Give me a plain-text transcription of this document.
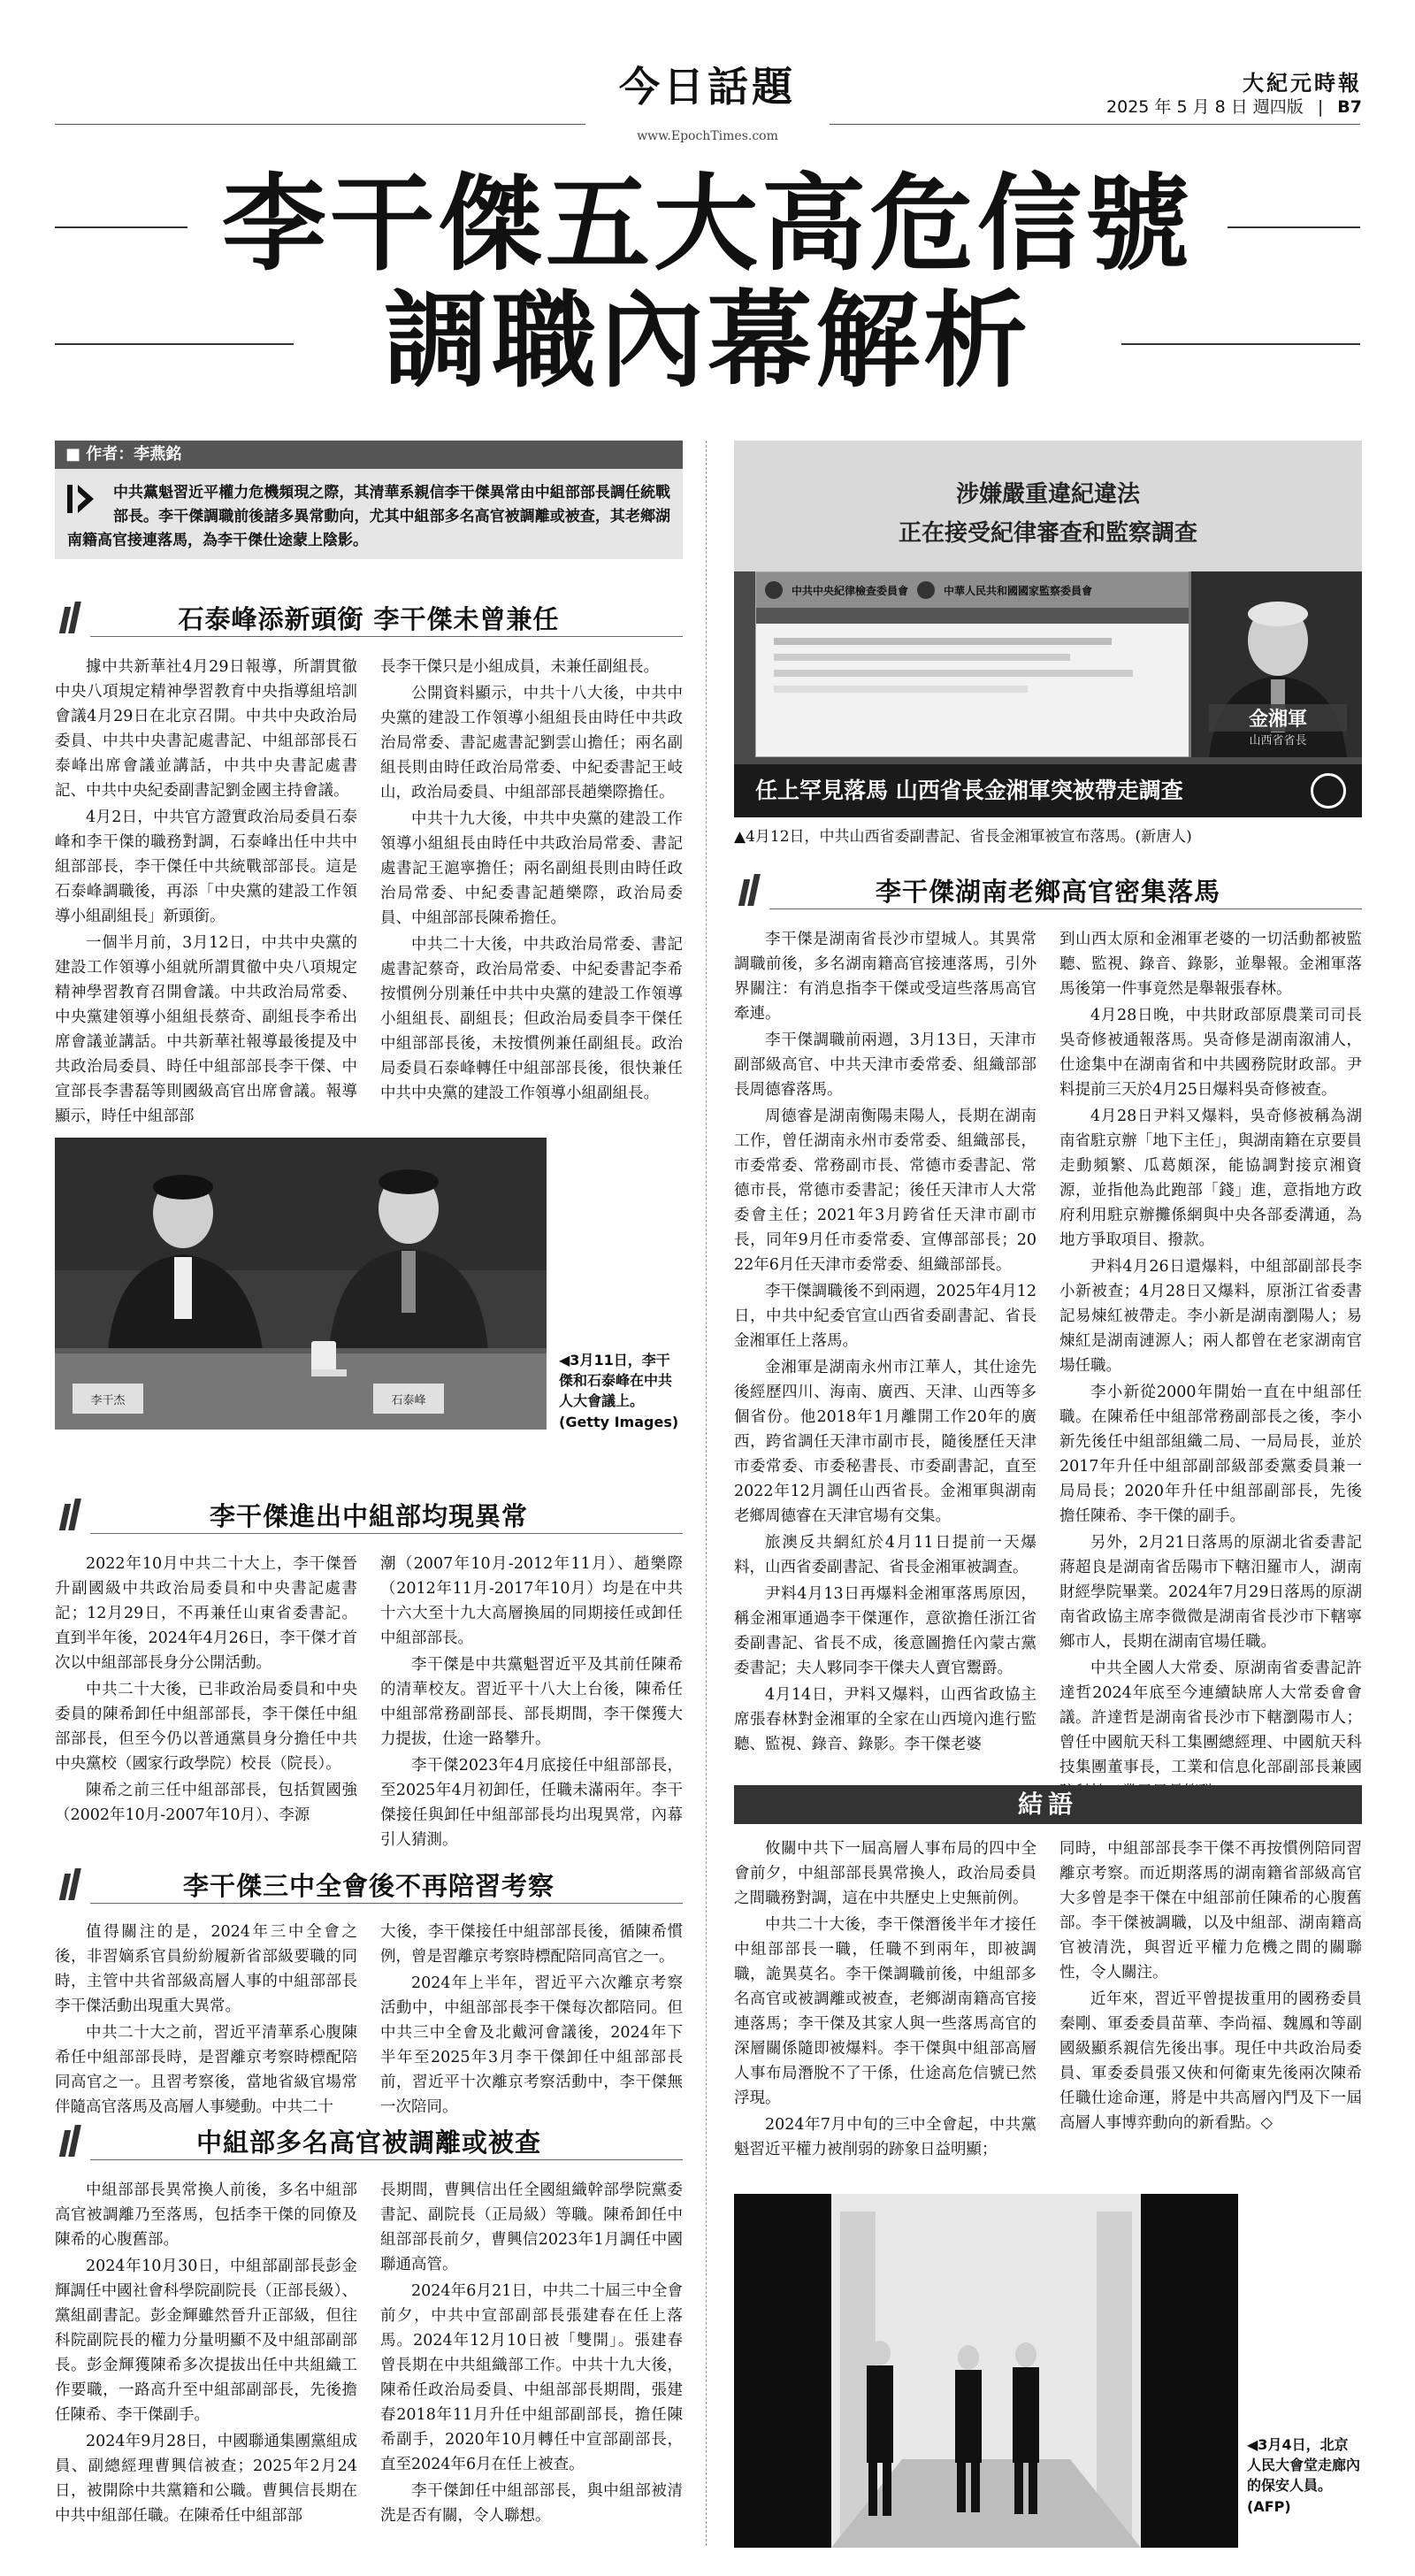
今日話題
www.EpochTimes.com
大紀元時報
2025 年 5 月 8 日 週四版 | B7
李干傑五大高危信號
調職內幕解析
■ 作者：李燕銘
中共黨魁習近平權力危機頻現之際，其清華系親信李干傑異常由中組部部長調任統戰部長。李干傑調職前後諸多異常動向，尤其中組部多名高官被調離或被查，其老鄉湖南籍高官接連落馬，為李干傑仕途蒙上陰影。
石泰峰添新頭銜 李干傑未曾兼任

據中共新華社4月29日報導，所謂貫徹中央八項規定精神學習教育中央指導組培訓會議4月29日在北京召開。中共中央政治局委員、中共中央書記處書記、中組部部長石泰峰出席會議並講話，中共中央書記處書記、中共中央紀委副書記劉金國主持會議。

4月2日，中共官方證實政治局委員石泰峰和李干傑的職務對調，石泰峰出任中共中組部部長，李干傑任中共統戰部部長。這是石泰峰調職後，再添「中央黨的建設工作領導小組副組長」新頭銜。

一個半月前，3月12日，中共中央黨的建設工作領導小組就所謂貫徹中央八項規定精神學習教育召開會議。中共政治局常委、中央黨建領導小組組長蔡奇、副組長李希出席會議並講話。中共新華社報導最後提及中共政治局委員、時任中組部部長李干傑、中宣部長李書磊等則國級高官出席會議。報導顯示，時任中組部部

長李干傑只是小組成員，未兼任副組長。

公開資料顯示，中共十八大後，中共中央黨的建設工作領導小組組長由時任中共政治局常委、書記處書記劉雲山擔任；兩名副組長則由時任政治局常委、中紀委書記王岐山，政治局委員、中組部部長趙樂際擔任。

中共十九大後，中共中央黨的建設工作領導小組組長由時任中共政治局常委、書記處書記王滬寧擔任；兩名副組長則由時任政治局常委、中紀委書記趙樂際，政治局委員、中組部部長陳希擔任。

中共二十大後，中共政治局常委、書記處書記蔡奇，政治局常委、中紀委書記李希按慣例分別兼任中共中央黨的建設工作領導小組組長、副組長；但政治局委員李干傑任中組部部長後，未按慣例兼任副組長。政治局委員石泰峰轉任中組部部長後，很快兼任中共中央黨的建設工作領導小組副組長。

李干杰	石泰峰
◀3月11日，李干傑和石泰峰在中共人大會議上。(Getty Images)
李干傑進出中組部均現異常

2022年10月中共二十大上，李干傑晉升副國級中共政治局委員和中央書記處書記；12月29日，不再兼任山東省委書記。直到半年後，2024年4月26日，李干傑才首次以中組部部長身分公開活動。

中共二十大後，已非政治局委員和中央委員的陳希卸任中組部部長，李干傑任中組部部長，但至今仍以普通黨員身分擔任中共中央黨校（國家行政學院）校長（院長）。

陳希之前三任中組部部長，包括賀國強（2002年10月-2007年10月）、李源

潮（2007年10月-2012年11月）、趙樂際（2012年11月-2017年10月）均是在中共十六大至十九大高層換屆的同期接任或卸任中組部部長。

李干傑是中共黨魁習近平及其前任陳希的清華校友。習近平十八大上台後，陳希任中組部常務副部長、部長期間，李干傑獲大力提拔，仕途一路攀升。

李干傑2023年4月底接任中組部部長，至2025年4月初卸任，任職未滿兩年。李干傑接任與卸任中組部部長均出現異常，內幕引人猜測。

李干傑三中全會後不再陪習考察

值得關注的是，2024年三中全會之後，非習嫡系官員紛紛履新省部級要職的同時，主管中共省部級高層人事的中組部部長李干傑活動出現重大異常。

中共二十大之前，習近平清華系心腹陳希任中組部部長時，是習離京考察時標配陪同高官之一。且習考察後，當地省級官場常伴隨高官落馬及高層人事變動。中共二十

大後，李干傑接任中組部部長後，循陳希慣例，曾是習離京考察時標配陪同高官之一。

2024年上半年，習近平六次離京考察活動中，中組部部長李干傑每次都陪同。但中共三中全會及北戴河會議後，2024年下半年至2025年3月李干傑卸任中組部部長前，習近平十次離京考察活動中，李干傑無一次陪同。

中組部多名高官被調離或被查

中組部部長異常換人前後，多名中組部高官被調離乃至落馬，包括李干傑的同僚及陳希的心腹舊部。

2024年10月30日，中組部副部長彭金輝調任中國社會科學院副院長（正部長級）、黨組副書記。彭金輝雖然晉升正部級，但往科院副院長的權力分量明顯不及中組部副部長。彭金輝獲陳希多次提拔出任中共組織工作要職，一路高升至中組部副部長，先後擔任陳希、李干傑副手。

2024年9月28日，中國聯通集團黨組成員、副總經理曹興信被查；2025年2月24日，被開除中共黨籍和公職。曹興信長期在中共中組部任職。在陳希任中組部部

長期間，曹興信出任全國組織幹部學院黨委書記、副院長（正局級）等職。陳希卸任中組部部長前夕，曹興信2023年1月調任中國聯通高管。

2024年6月21日，中共二十屆三中全會前夕，中共中宣部副部長張建春在任上落馬。2024年12月10日被「雙開」。張建春曾長期在中共組織部工作。中共十九大後，陳希任政治局委員、中組部部長期間，張建春2018年11月升任中組部副部長，擔任陳希副手，2020年10月轉任中宣部副部長，直至2024年6月在任上被查。

李干傑卸任中組部部長，與中組部被清洗是否有關，令人聯想。

涉嫌嚴重違紀違法
正在接受紀律審查和監察調查
中共中央紀律檢查委員會	中華人民共和國國家監察委員會
金湘軍
山西省省長
任上罕見落馬 山西省長金湘軍突被帶走調查
▲4月12日，中共山西省委副書記、省長金湘軍被宣布落馬。(新唐人)
李干傑湖南老鄉高官密集落馬

李干傑是湖南省長沙市望城人。其異常調職前後，多名湖南籍高官接連落馬，引外界關注：有消息指李干傑或受這些落馬高官牽連。

李干傑調職前兩週，3月13日，天津市副部級高官、中共天津市委常委、組織部部長周德睿落馬。

周德睿是湖南衡陽耒陽人，長期在湖南工作，曾任湖南永州市委常委、組織部長，市委常委、常務副市長、常德市委書記、常德市長，常德市委書記；後任天津市人大常委會主任；2021年3月跨省任天津市副市長，同年9月任市委常委、宣傳部部長；2022年6月任天津市委常委、組織部部長。

李干傑調職後不到兩週，2025年4月12日，中共中紀委官宣山西省委副書記、省長金湘軍任上落馬。

金湘軍是湖南永州市江華人，其仕途先後經歷四川、海南、廣西、天津、山西等多個省份。他2018年1月離開工作20年的廣西，跨省調任天津市副市長，隨後歷任天津市委常委、市委秘書長、市委副書記，直至2022年12月調任山西省長。金湘軍與湖南老鄉周德睿在天津官場有交集。

旅澳反共網紅於4月11日提前一天爆料，山西省委副書記、省長金湘軍被調查。

尹料4月13日再爆料金湘軍落馬原因，稱金湘軍通過李干傑運作，意欲擔任浙江省委副書記、省長不成，後意圖擔任內蒙古黨委書記；夫人夥同李干傑夫人賣官鬻爵。

4月14日，尹料又爆料，山西省政協主席張春林對金湘軍的全家在山西境內進行監聽、監視、錄音、錄影。李干傑老婆

到山西太原和金湘軍老婆的一切活動都被監聽、監視、錄音、錄影，並舉報。金湘軍落馬後第一件事竟然是舉報張春林。

4月28日晚，中共財政部原農業司司長吳奇修被通報落馬。吳奇修是湖南溆浦人，仕途集中在湖南省和中共國務院財政部。尹料提前三天於4月25日爆料吳奇修被查。

4月28日尹料又爆料，吳奇修被稱為湖南省駐京辦「地下主任」，與湖南籍在京要員走動頻繁、瓜葛頗深，能協調對接京湘資源，並指他為此跑部「錢」進，意指地方政府利用駐京辦攤係網與中央各部委溝通，為地方爭取項目、撥款。

尹料4月26日還爆料，中組部副部長李小新被查；4月28日又爆料，原浙江省委書記易煉紅被帶走。李小新是湖南瀏陽人；易煉紅是湖南漣源人；兩人都曾在老家湖南官場任職。

李小新從2000年開始一直在中組部任職。在陳希任中組部常務副部長之後，李小新先後任中組部組織二局、一局局長，並於2017年升任中組部副部級部委黨委員兼一局局長；2020年升任中組部副部長，先後擔任陳希、李干傑的副手。

另外，2月21日落馬的原湖北省委書記蔣超良是湖南省岳陽市下轄汨羅市人，湖南財經學院畢業。2024年7月29日落馬的原湖南省政協主席李微微是湖南省長沙市下轄寧鄉市人，長期在湖南官場任職。

中共全國人大常委、原湖南省委書記許達哲2024年底至今連續缺席人大常委會會議。許達哲是湖南省長沙市下轄瀏陽市人；曾任中國航天科工集團總經理、中國航天科技集團董事長，工業和信息化部副部長兼國

結語

攸關中共下一屆高層人事布局的四中全會前夕，中組部部長異常換人，政治局委員之間職務對調，這在中共歷史上史無前例。

中共二十大後，李干傑潛後半年才接任中組部部長一職，任職不到兩年，即被調職，詭異莫名。李干傑調職前後，中組部多名高官或被調離或被查，老鄉湖南籍高官接連落馬；李干傑及其家人與一些落馬高官的深層關係隨即被爆料。李干傑與中組部高層人事布局潛脫不了干係，仕途高危信號已然浮現。

2024年7月中旬的三中全會起，中共黨魁習近平權力被削弱的跡象日益明顯；

同時，中組部部長李干傑不再按慣例陪同習離京考察。而近期落馬的湖南籍省部級高官大多曾是李干傑在中組部前任陳希的心腹舊部。李干傑被調職，以及中組部、湖南籍高官被清洗，與習近平權力危機之間的關聯性，令人關注。

近年來，習近平曾提拔重用的國務委員秦剛、軍委委員苗華、李尚福、魏鳳和等副國級顯系親信先後出事。現任中共政治局委員、軍委委員張又俠和何衛東先後兩次陳希任職仕途命運，將是中共高層內鬥及下一屆高層人事博弈動向的新看點。◇

◀3月4日，北京人民大會堂走廊內的保安人員。(AFP)
